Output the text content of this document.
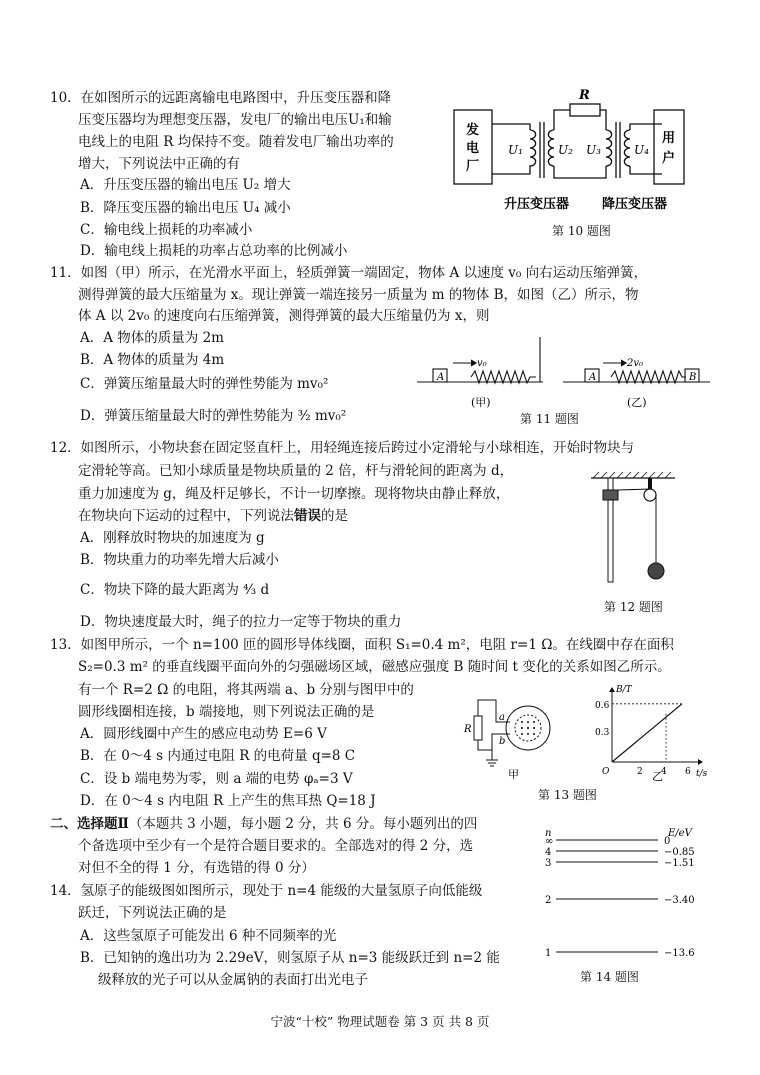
10．在如图所示的远距离输电电路图中，升压变压器和降
压变压器均为理想变压器，发电厂的输出电压U₁和输
电线上的电阻 R 均保持不变。随着发电厂输出功率的
增大，下列说法中正确的有
A．升压变压器的输出电压 U₂ 增大
B．降压变压器的输出电压 U₄ 减小
C．输电线上损耗的功率减小
D．输电线上损耗的功率占总功率的比例减小
发
电
厂
用
户
R
U₁	U₂ U₃	U₄
升压变压器	降压变压器
第 10 题图
11．如图（甲）所示，在光滑水平面上，轻质弹簧一端固定，物体 A 以速度 v₀ 向右运动压缩弹簧，
测得弹簧的最大压缩量为 x。现让弹簧一端连接另一质量为 m 的物体 B，如图（乙）所示，物
体 A 以 2v₀ 的速度向右压缩弹簧，测得弹簧的最大压缩量仍为 x，则
A．A 物体的质量为 2m
B．A 物体的质量为 4m
C．弹簧压缩量最大时的弹性势能为 mv₀²
D．弹簧压缩量最大时的弹性势能为 ³⁄₂ mv₀²
A	A	B
v₀	2v₀
(甲)	(乙)
第 11 题图
12．如图所示，小物块套在固定竖直杆上，用轻绳连接后跨过小定滑轮与小球相连，开始时物块与
定滑轮等高。已知小球质量是物块质量的 2 倍，杆与滑轮间的距离为 d，
重力加速度为 g，绳及杆足够长，不计一切摩擦。现将物块由静止释放，
在物块向下运动的过程中，下列说法错误的是
A．刚释放时物块的加速度为 g
B．物块重力的功率先增大后减小
C．物块下降的最大距离为 ⁴⁄₃ d
D．物块速度最大时，绳子的拉力一定等于物块的重力
第 12 题图
13．如图甲所示，一个 n=100 匝的圆形导体线圈，面积 S₁=0.4 m²，电阻 r=1 Ω。在线圈中存在面积
S₂=0.3 m² 的垂直线圈平面向外的匀强磁场区域，磁感应强度 B 随时间 t 变化的关系如图乙所示。
有一个 R=2 Ω 的电阻，将其两端 a、b 分别与图甲中的
圆形线圈相连接，b 端接地，则下列说法正确的是
A．圆形线圈中产生的感应电动势 E=6 V
B．在 0～4 s 内通过电阻 R 的电荷量 q=8 C
C．设 b 端电势为零，则 a 端的电势 φₐ=3 V
D．在 0～4 s 内电阻 R 上产生的焦耳热 Q=18 J
R
a
b
甲
B/T
t/s
O
0.6
0.3
2 4 6
乙
第 13 题图
二、选择题Ⅱ（本题共 3 小题，每小题 2 分，共 6 分。每小题列出的四
个备选项中至少有一个是符合题目要求的。全部选对的得 2 分，选
对但不全的得 1 分，有选错的得 0 分）
14．氢原子的能级图如图所示，现处于 n=4 能级的大量氢原子向低能级
跃迁，下列说法正确的是
A．这些氢原子可能发出 6 种不同频率的光
B．已知钠的逸出功为 2.29eV，则氢原子从 n=3 能级跃迁到 n=2 能
级释放的光子可以从金属钠的表面打出光电子
n	E/eV
∞	0
4	−0.85
3	−1.51
2	−3.40
1	−13.6
第 14 题图
宁波“十校” 物理试题卷 第 3 页 共 8 页
